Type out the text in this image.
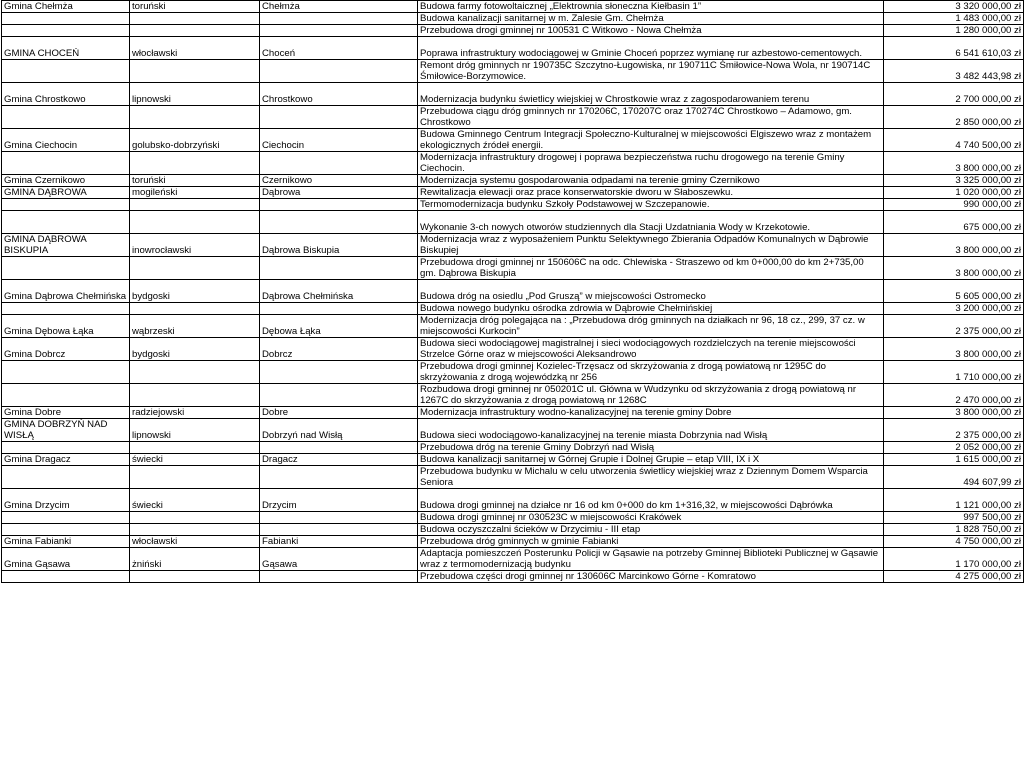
Gmina Chełmża	toruński	Chełmża	Budowa farmy fotowoltaicznej „Elektrownia słoneczna Kiełbasin 1”	3 320 000,00 zł
			Budowa kanalizacji sanitarnej w m. Zalesie Gm. Chełmża	1 483 000,00 zł
			Przebudowa drogi gminnej nr 100531 C Witkowo - Nowa Chełmża	1 280 000,00 zł
GMINA CHOCEŃ	włocławski	Choceń	Poprawa infrastruktury wodociągowej w Gminie Choceń poprzez wymianę rur azbestowo-cementowych.	6 541 610,03 zł
			Remont dróg gminnych nr 190735C Szczytno-Ługowiska, nr 190711C Śmiłowice-Nowa Wola, nr 190714C Śmiłowice-Borzymowice.	3 482 443,98 zł
Gmina Chrostkowo	lipnowski	Chrostkowo	Modernizacja budynku świetlicy wiejskiej w Chrostkowie wraz z zagospodarowaniem terenu	2 700 000,00 zł
			Przebudowa ciągu dróg gminnych nr 170206C, 170207C oraz 170274C Chrostkowo – Adamowo, gm. Chrostkowo	2 850 000,00 zł
Gmina Ciechocin	golubsko-dobrzyński	Ciechocin	Budowa Gminnego Centrum Integracji Społeczno-Kulturalnej w miejscowości Elgiszewo wraz z montażem ekologicznych źródeł energii.	4 740 500,00 zł
			Modernizacja infrastruktury drogowej i poprawa bezpieczeństwa ruchu drogowego na terenie Gminy Ciechocin.	3 800 000,00 zł
Gmina Czernikowo	toruński	Czernikowo	Modernizacja systemu gospodarowania odpadami na terenie gminy Czernikowo	3 325 000,00 zł
GMINA DĄBROWA	mogileński	Dąbrowa	Rewitalizacja elewacji oraz prace konserwatorskie dworu w Słaboszewku.	1 020 000,00 zł
			Termomodernizacja budynku Szkoły Podstawowej w Szczepanowie.	990 000,00 zł
			Wykonanie 3-ch nowych otworów studziennych dla Stacji Uzdatniania Wody w Krzekotowie.	675 000,00 zł
GMINA DĄBROWA BISKUPIA	inowrocławski	Dąbrowa Biskupia	Modernizacja wraz z wyposażeniem Punktu Selektywnego Zbierania Odpadów Komunalnych w Dąbrowie Biskupiej	3 800 000,00 zł
			Przebudowa drogi gminnej nr 150606C na odc. Chlewiska - Straszewo od km 0+000,00 do km 2+735,00 gm. Dąbrowa Biskupia	3 800 000,00 zł
Gmina Dąbrowa Chełmińska	bydgoski	Dąbrowa Chełmińska	Budowa dróg na osiedlu „Pod Gruszą” w miejscowości Ostromecko	5 605 000,00 zł
			Budowa nowego budynku ośrodka zdrowia w Dąbrowie Chełmińskiej	3 200 000,00 zł
Gmina Dębowa Łąka	wąbrzeski	Dębowa Łąka	Modernizacja dróg polegająca na : „Przebudowa dróg gminnych na działkach nr 96, 18 cz., 299, 37 cz. w miejscowości Kurkocin”	2 375 000,00 zł
Gmina Dobrcz	bydgoski	Dobrcz	Budowa sieci wodociągowej magistralnej i sieci wodociągowych rozdzielczych na terenie miejscowości Strzelce Górne oraz w miejscowości Aleksandrowo	3 800 000,00 zł
			Przebudowa drogi gminnej Kozielec-Trzęsacz od skrzyżowania z drogą powiatową nr 1295C do skrzyżowania z drogą wojewódzką nr 256	1 710 000,00 zł
			Rozbudowa drogi gminnej nr 050201C ul. Główna w Wudzynku od skrzyżowania z drogą powiatową nr 1267C do skrzyżowania z drogą powiatową nr 1268C	2 470 000,00 zł
Gmina Dobre	radziejowski	Dobre	Modernizacja infrastruktury wodno-kanalizacyjnej na terenie gminy Dobre	3 800 000,00 zł
GMINA DOBRZYŃ NAD WISŁĄ	lipnowski	Dobrzyń nad Wisłą	Budowa sieci wodociągowo-kanalizacyjnej na terenie miasta Dobrzynia nad Wisłą	2 375 000,00 zł
			Przebudowa dróg na terenie Gminy Dobrzyń nad Wisłą	2 052 000,00 zł
Gmina Dragacz	świecki	Dragacz	Budowa kanalizacji sanitarnej w Górnej Grupie i Dolnej Grupie – etap VIII, IX i X	1 615 000,00 zł
			Przebudowa budynku w Michalu w celu utworzenia świetlicy wiejskiej wraz z Dziennym Domem Wsparcia Seniora	494 607,99 zł
Gmina Drzycim	świecki	Drzycim	Budowa drogi gminnej na działce nr 16 od km 0+000 do km 1+316,32, w miejscowości Dąbrówka	1 121 000,00 zł
			Budowa drogi gminnej nr 030523C w miejscowości Krakówek	997 500,00 zł
			Budowa oczyszczalni ścieków w Drzycimiu - III etap	1 828 750,00 zł
Gmina Fabianki	włocławski	Fabianki	Przebudowa dróg gminnych w gminie Fabianki	4 750 000,00 zł
Gmina Gąsawa	żniński	Gąsawa	Adaptacja pomieszczeń Posterunku Policji w Gąsawie na potrzeby Gminnej Biblioteki Publicznej w Gąsawie wraz z termomodernizacją budynku	1 170 000,00 zł
			Przebudowa części drogi gminnej nr 130606C Marcinkowo Górne - Komratowo	4 275 000,00 zł
